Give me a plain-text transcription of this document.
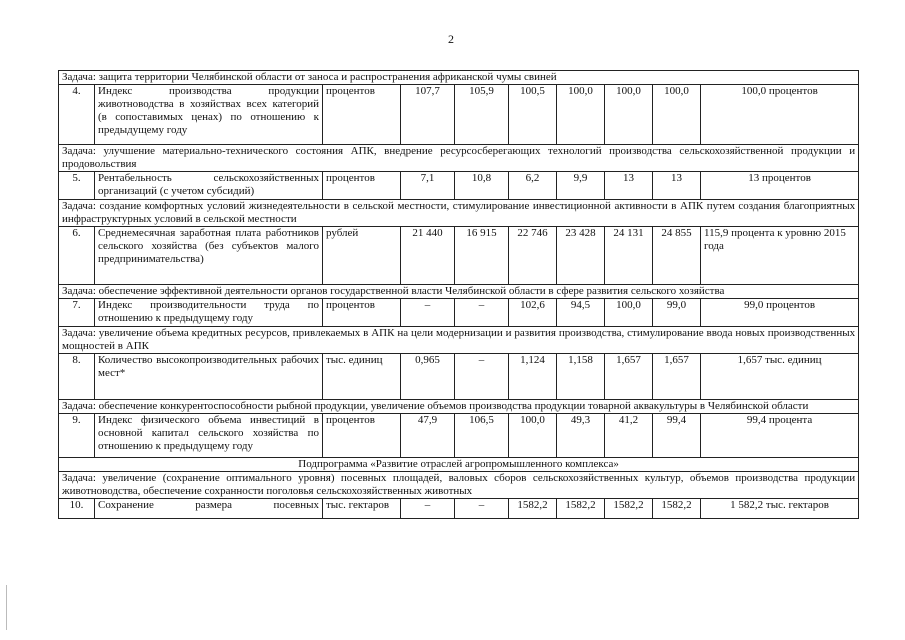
2
Задача: защита территории Челябинской области от заноса и распространения африканской чумы свиней									
4.	Индекс производства продукции животноводства в хозяйствах всех категорий (в сопоставимых ценах) по отношению к предыдущему году	процентов	107,7	105,9	100,5	100,0	100,0	100,0	100,0 процентов
Задача: улучшение материально-технического состояния АПК, внедрение ресурсосберегающих технологий производства сельскохозяйственной продукции и продовольствия									
5.	Рентабельность сельскохозяйственных организаций (с учетом субсидий)	процентов	7,1	10,8	6,2	9,9	13	13	13 процентов
Задача: создание комфортных условий жизнедеятельности в сельской местности, стимулирование инвестиционной активности в АПК путем создания благоприятных инфраструктурных условий в сельской местности									
6.	Среднемесячная заработная плата работников сельского хозяйства (без субъектов малого предпринимательства)	рублей	21 440	16 915	22 746	23 428	24 131	24 855	115,9 процента к уровню 2015 года
Задача: обеспечение эффективной деятельности органов государственной власти Челябинской области в сфере развития сельского хозяйства									
7.	Индекс производительности труда по отношению к предыдущему году	процентов	–	–	102,6	94,5	100,0	99,0	99,0 процентов
Задача: увеличение объема кредитных ресурсов, привлекаемых в АПК на цели модернизации и развития производства, стимулирование ввода новых производственных мощностей в АПК									
8.	Количество высокопроизводительных рабочих мест*	тыс. единиц	0,965	–	1,124	1,158	1,657	1,657	1,657 тыс. единиц
Задача: обеспечение конкурентоспособности рыбной продукции, увеличение объемов производства продукции товарной аквакультуры в Челябинской области									
9.	Индекс физического объема инвестиций в основной капитал сельского хозяйства по отношению к предыдущему году	процентов	47,9	106,5	100,0	49,3	41,2	99,4	99,4 процента
Подпрограмма «Развитие отраслей агропромышленного комплекса»									
Задача: увеличение (сохранение оптимального уровня) посевных площадей, валовых сборов сельскохозяйственных культур, объемов производства продукции животноводства, обеспечение сохранности поголовья сельскохозяйственных животных									
10.	Сохранение размера посевных	тыс. гектаров	–	–	1582,2	1582,2	1582,2	1582,2	1 582,2 тыс. гектаров
